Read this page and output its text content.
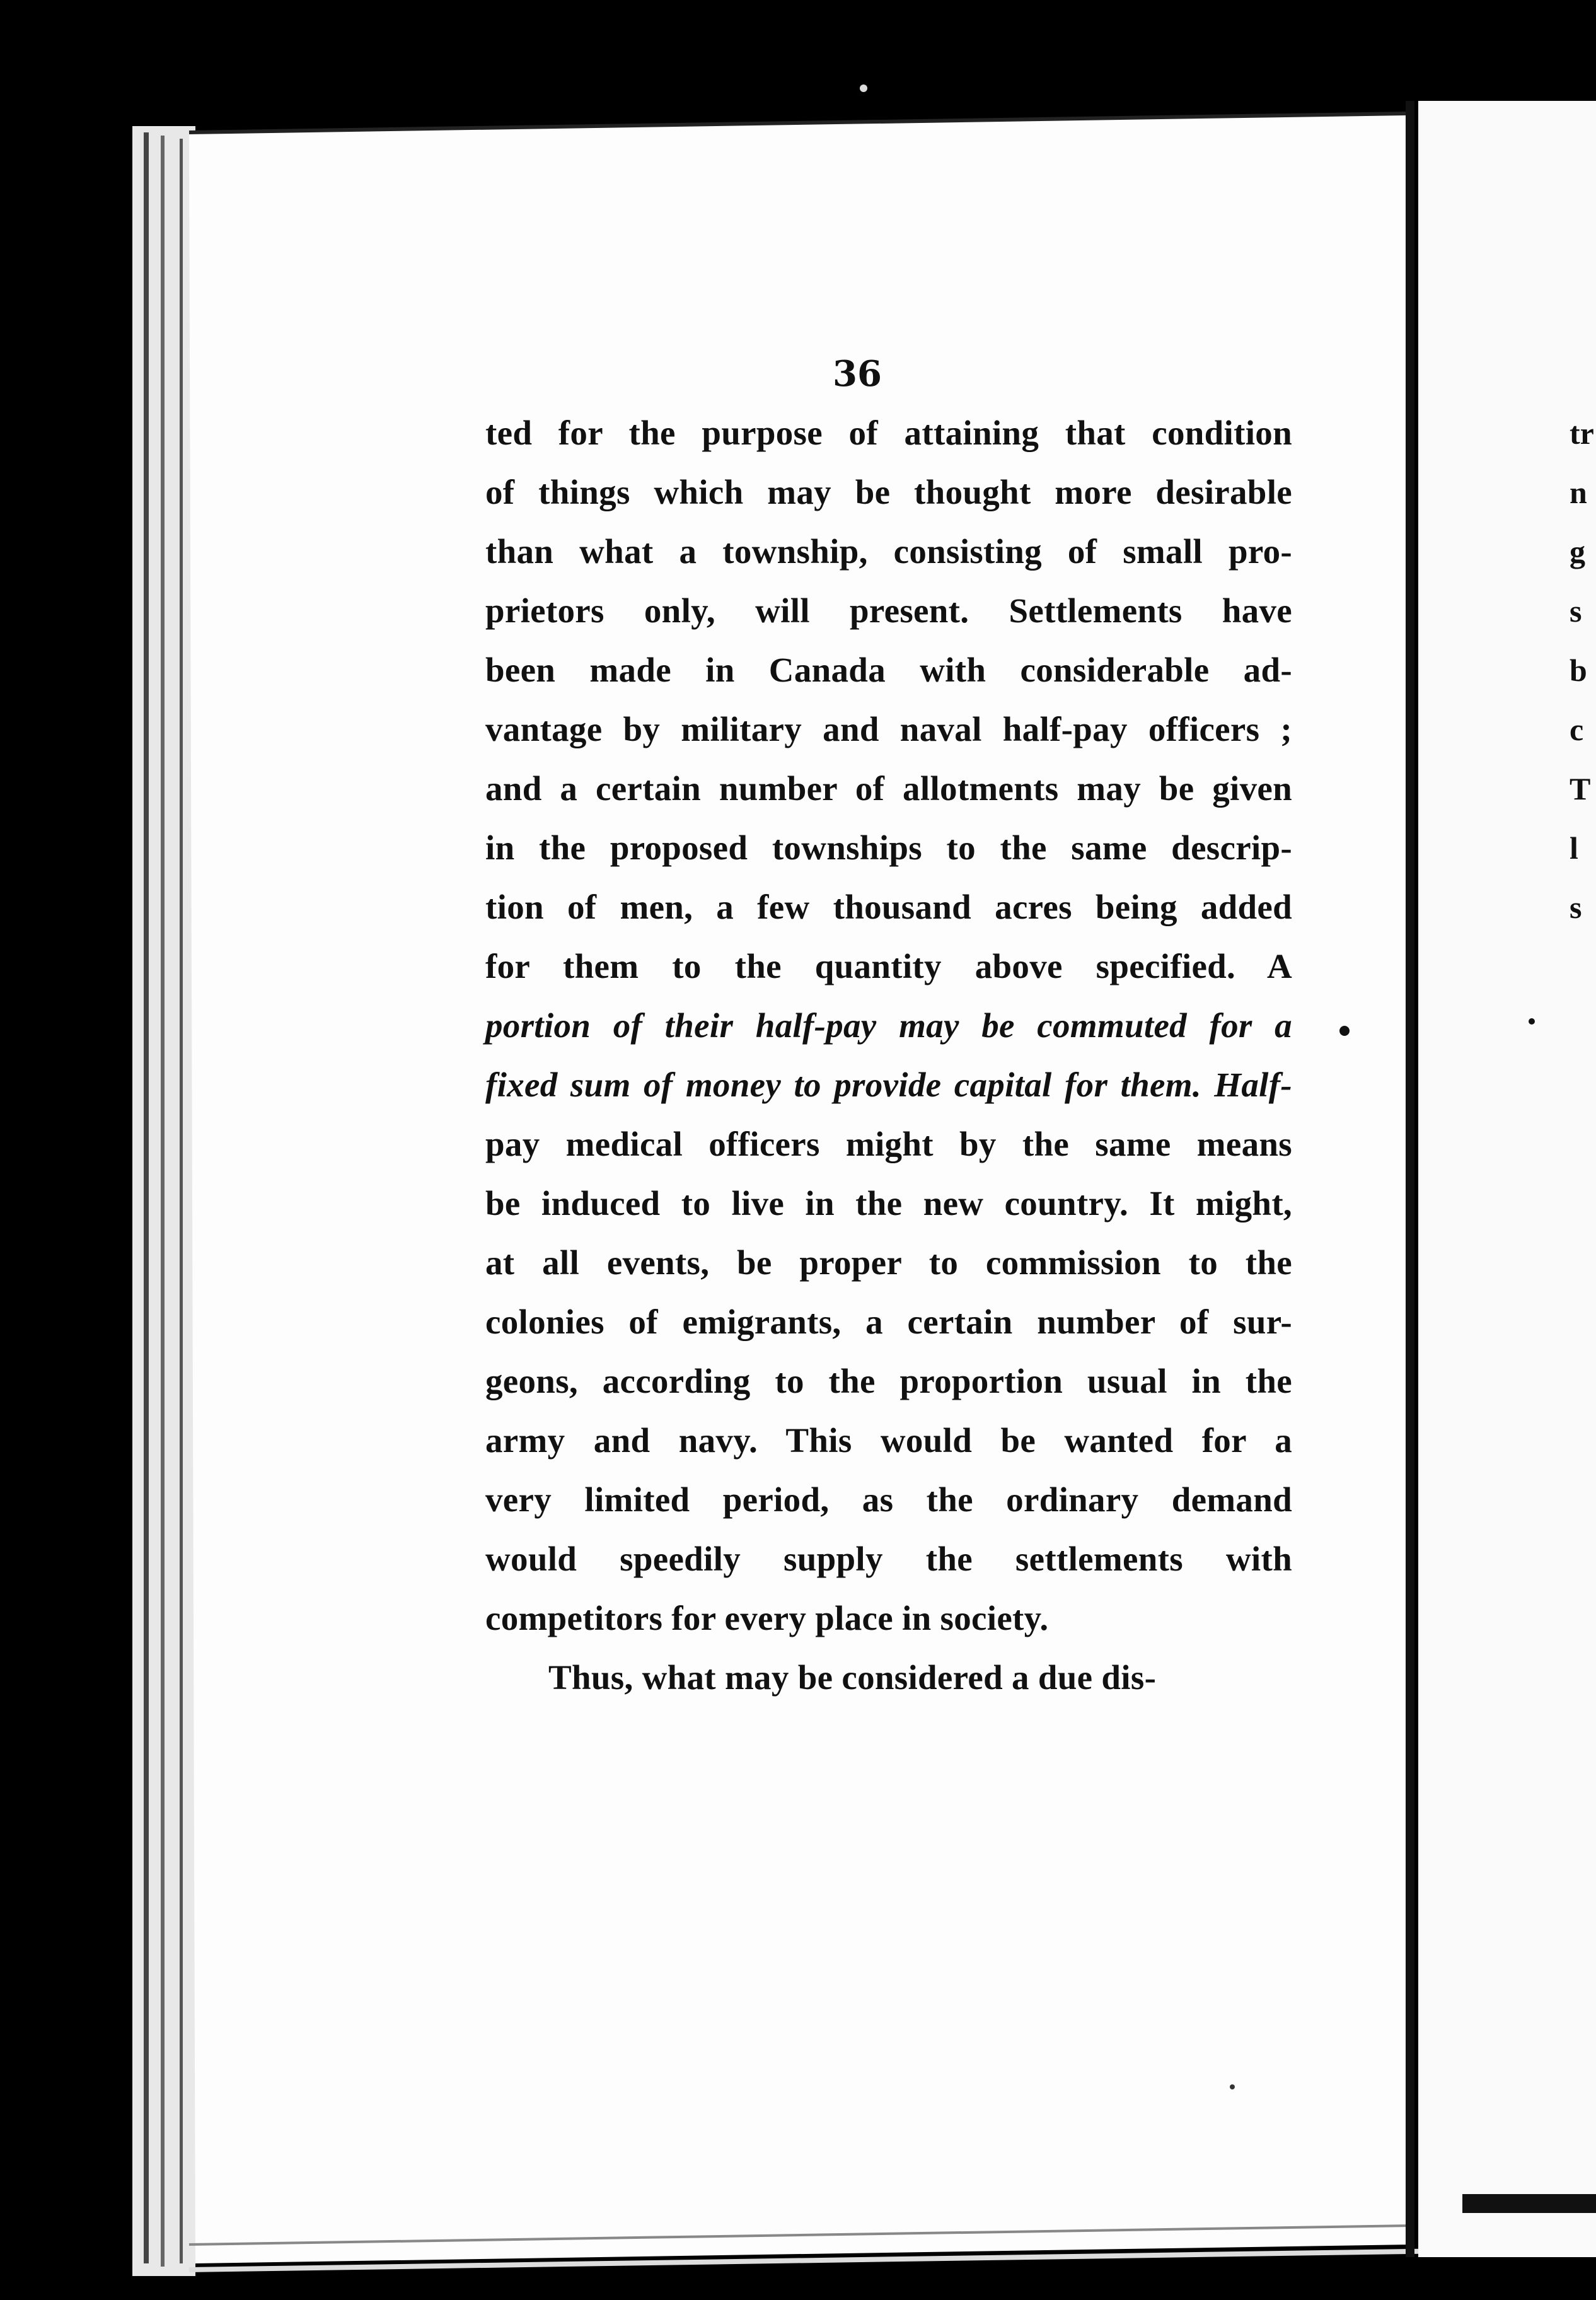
36
ted for the purpose of attaining that condition
of things which may be thought more desirable
than what a township, consisting of small pro-
prietors only, will present. Settlements have
been made in Canada with considerable ad-
vantage by military and naval half-pay officers ;
and a certain number of allotments may be given
in the proposed townships to the same descrip-
tion of men, a few thousand acres being added
for them to the quantity above specified. A
portion of their half-pay may be commuted for a
fixed sum of money to provide capital for them. Half-
pay medical officers might by the same means
be induced to live in the new country. It might,
at all events, be proper to commission to the
colonies of emigrants, a certain number of sur-
geons, according to the proportion usual in the
army and navy. This would be wanted for a
very limited period, as the ordinary demand
would speedily supply the settlements with
competitors for every place in society.
Thus, what may be considered a due dis-
tr
n
g
s
b
c
T
l
s
